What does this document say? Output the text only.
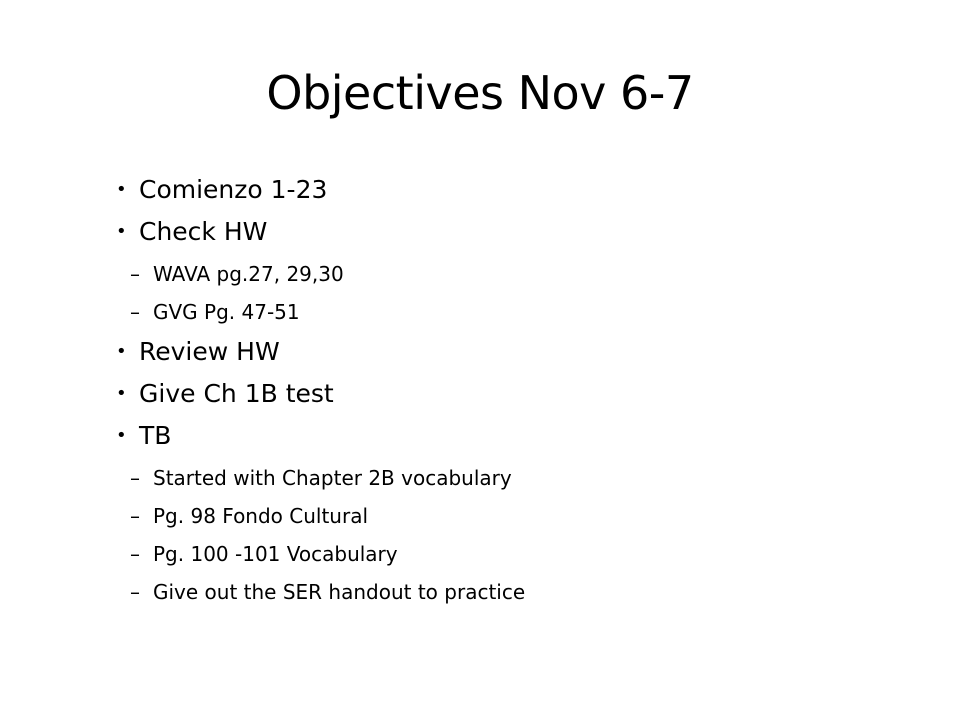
Objectives Nov 6-7
• Comienzo 1-23
• Check HW
– WAVA pg.27, 29,30
– GVG Pg. 47-51
• Review HW
• Give Ch 1B test
• TB
– Started with Chapter 2B vocabulary
– Pg. 98 Fondo Cultural
– Pg. 100 -101 Vocabulary
– Give out the SER handout to practice
